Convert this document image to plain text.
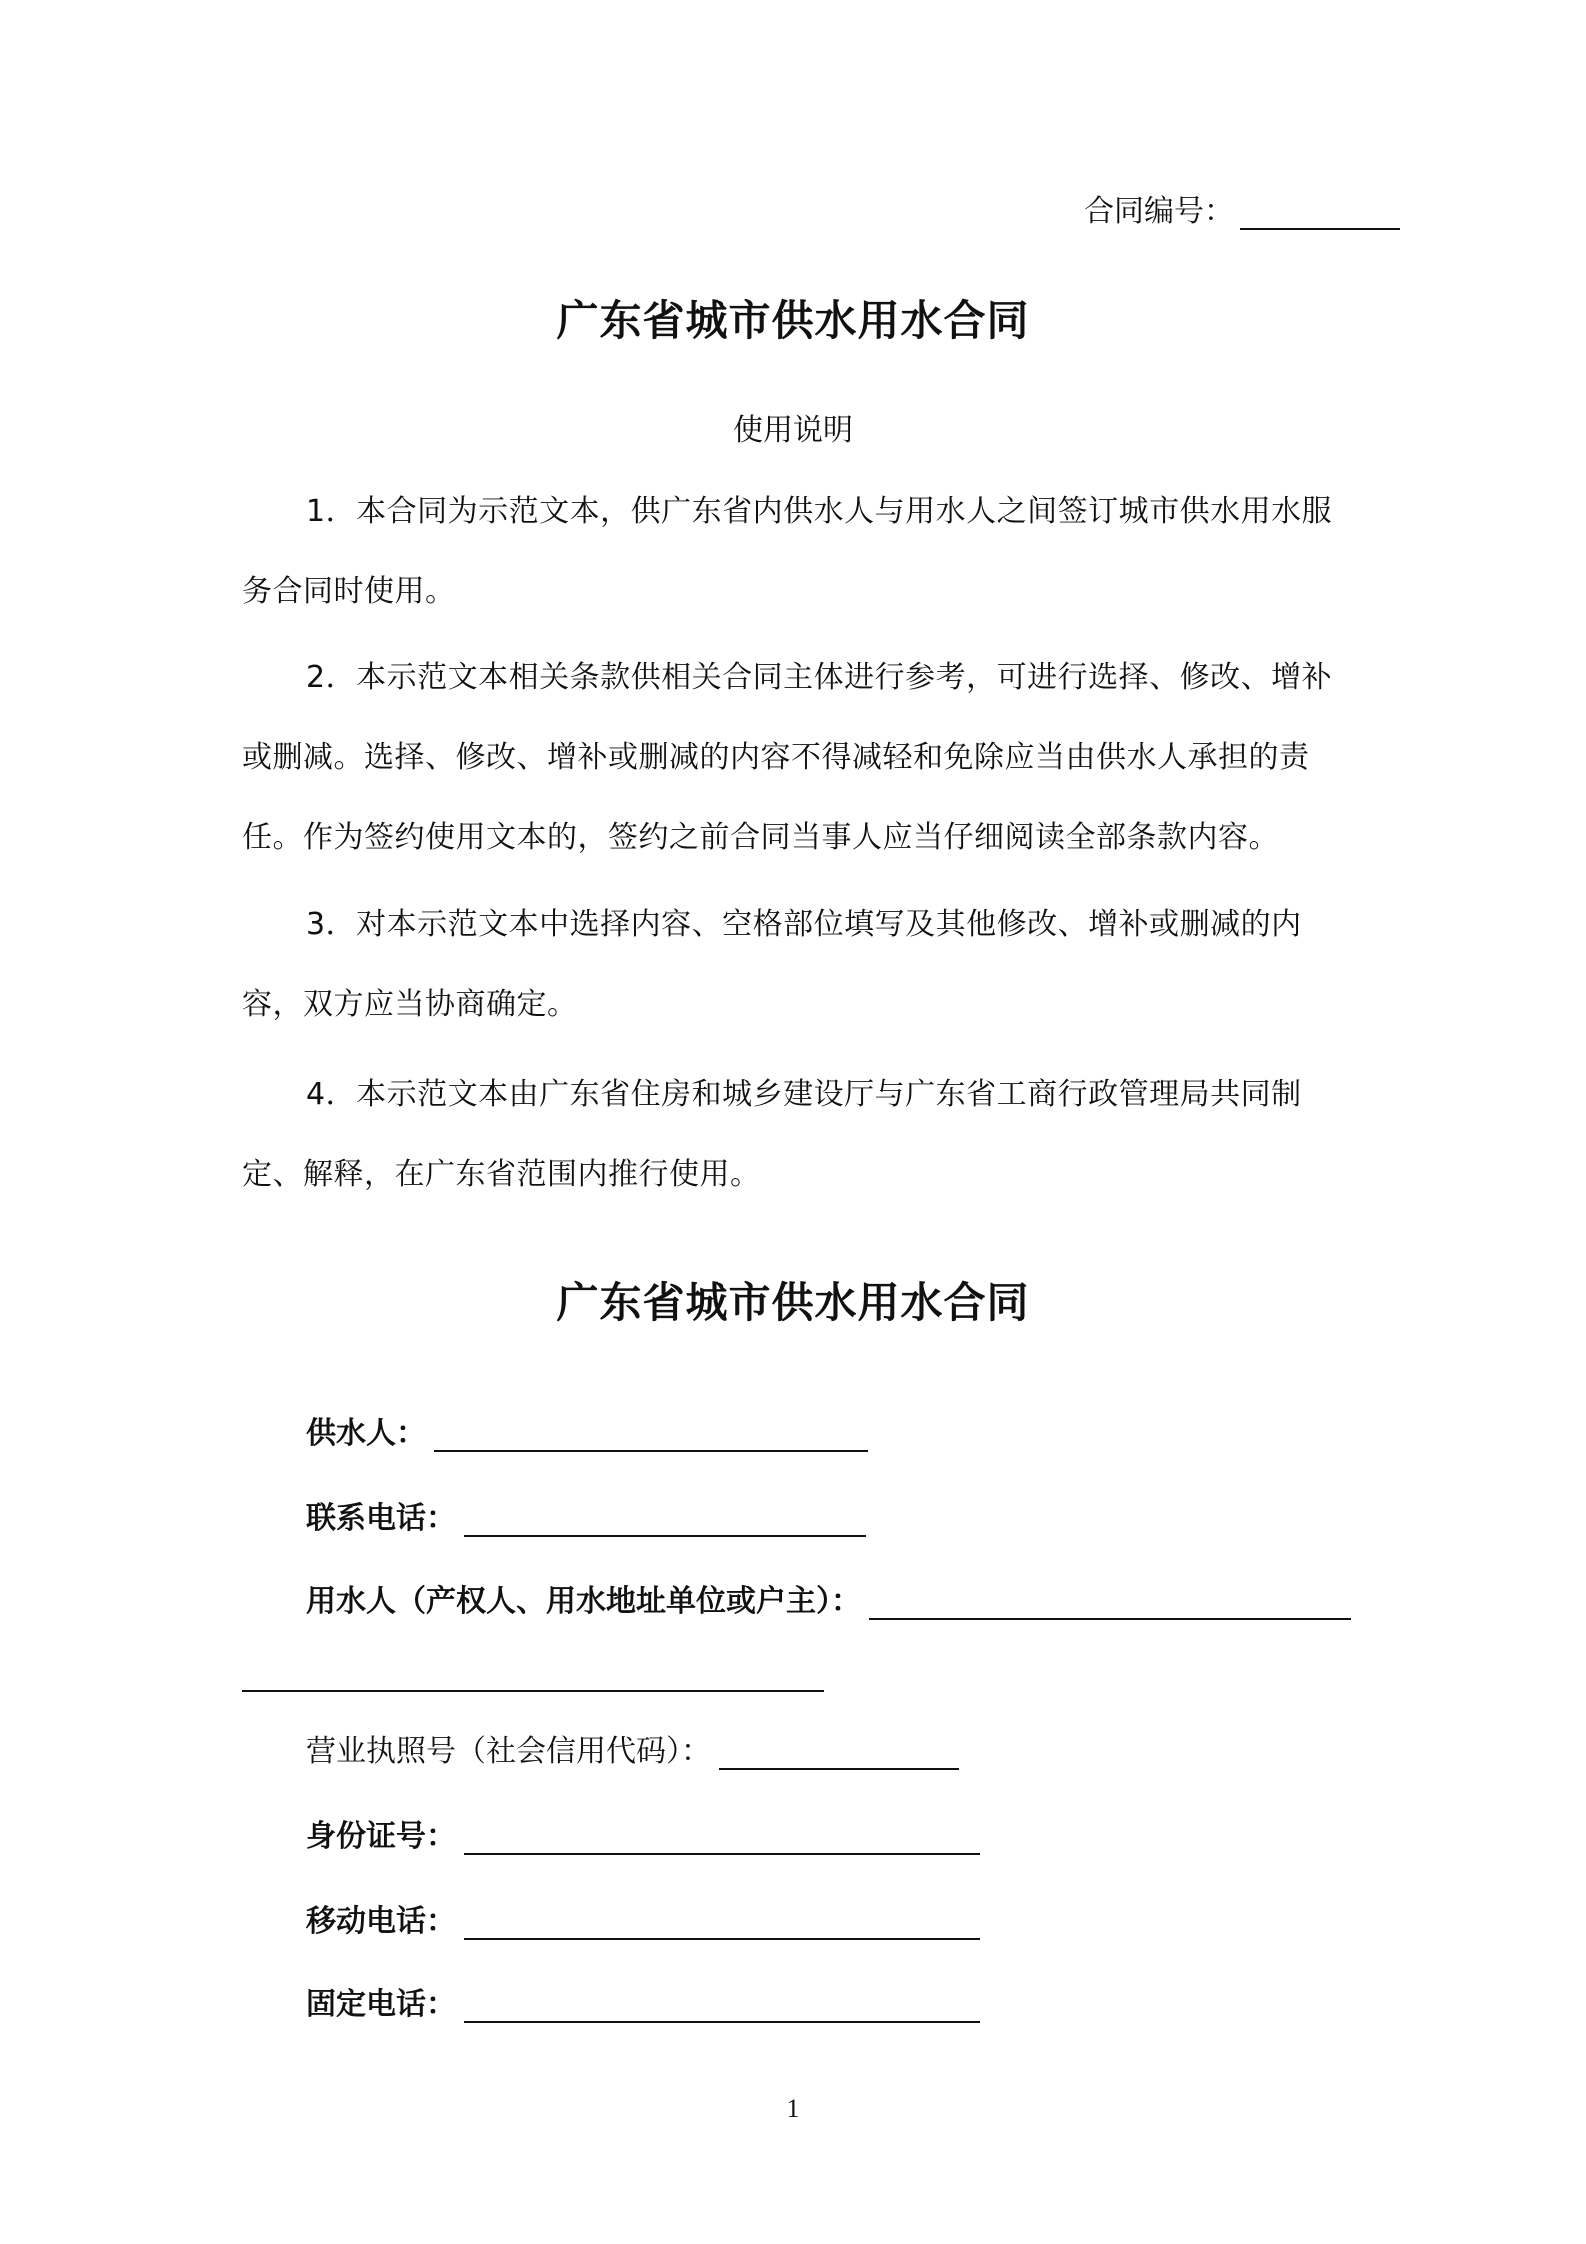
合同编号：
广东省城市供水用水合同
使用说明
1．本合同为示范文本，供广东省内供水人与用水人之间签订城市供水用水服务合同时使用。
2．本示范文本相关条款供相关合同主体进行参考，可进行选择、修改、增补或删减。选择、修改、增补或删减的内容不得减轻和免除应当由供水人承担的责任。作为签约使用文本的，签约之前合同当事人应当仔细阅读全部条款内容。
3．对本示范文本中选择内容、空格部位填写及其他修改、增补或删减的内容，双方应当协商确定。
4．本示范文本由广东省住房和城乡建设厅与广东省工商行政管理局共同制定、解释，在广东省范围内推行使用。
广东省城市供水用水合同
供水人：
联系电话：
用水人（产权人、用水地址单位或户主）：
营业执照号（社会信用代码）：
身份证号：
移动电话：
固定电话：
1
